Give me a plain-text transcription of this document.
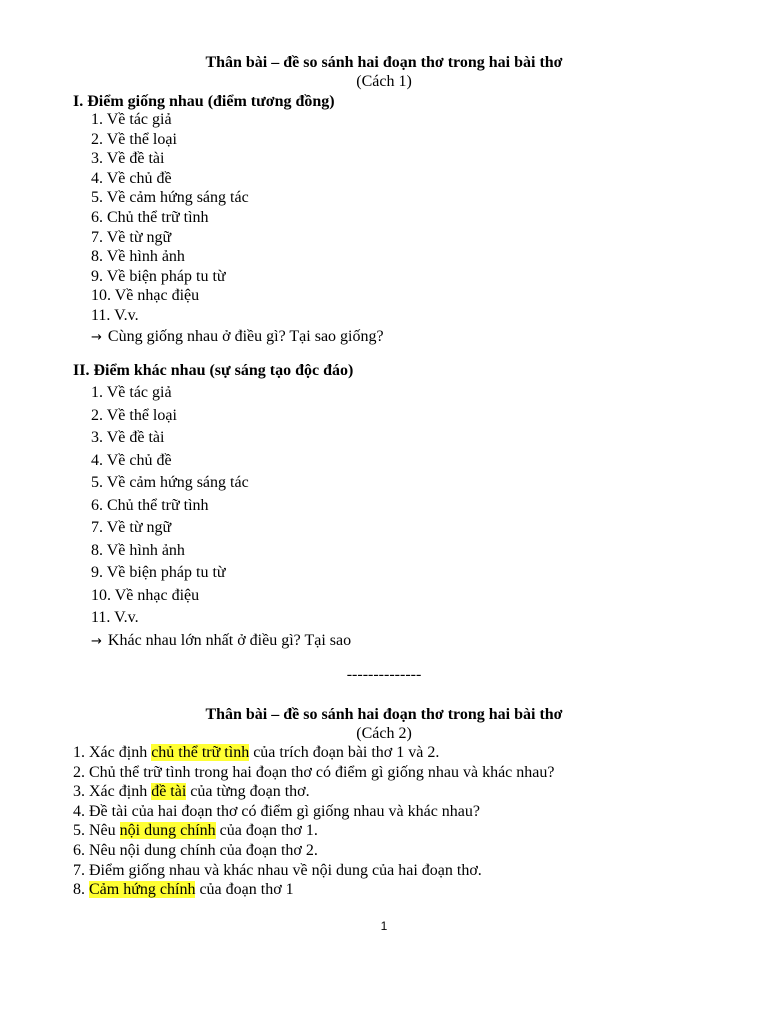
Thân bài – đề so sánh hai đoạn thơ trong hai bài thơ
(Cách 1)
I. Điểm giống nhau (điểm tương đồng)
1. Về tác giả
2. Về thể loại
3. Về đề tài
4. Về chủ đề
5. Về cảm hứng sáng tác
6. Chủ thể trữ tình
7. Về từ ngữ
8. Về hình ảnh
9. Về biện pháp tu từ
10. Về nhạc điệu
11. V.v.
→ Cùng giống nhau ở điều gì? Tại sao giống?
II. Điểm khác nhau (sự sáng tạo độc đáo)
1. Về tác giả
2. Về thể loại
3. Về đề tài
4. Về chủ đề
5. Về cảm hứng sáng tác
6. Chủ thể trữ tình
7. Về từ ngữ
8. Về hình ảnh
9. Về biện pháp tu từ
10. Về nhạc điệu
11. V.v.
→ Khác nhau lớn nhất ở điều gì? Tại sao
--------------
Thân bài – đề so sánh hai đoạn thơ trong hai bài thơ
(Cách 2)
1. Xác định chủ thể trữ tình của trích đoạn bài thơ 1 và 2.
2. Chủ thể trữ tình trong hai đoạn thơ có điểm gì giống nhau và khác nhau?
3. Xác định đề tài của từng đoạn thơ.
4. Đề tài của hai đoạn thơ có điểm gì giống nhau và khác nhau?
5. Nêu nội dung chính của đoạn thơ 1.
6. Nêu nội dung chính của đoạn thơ 2.
7. Điểm giống nhau và khác nhau về nội dung của hai đoạn thơ.
8. Cảm hứng chính của đoạn thơ 1
1
